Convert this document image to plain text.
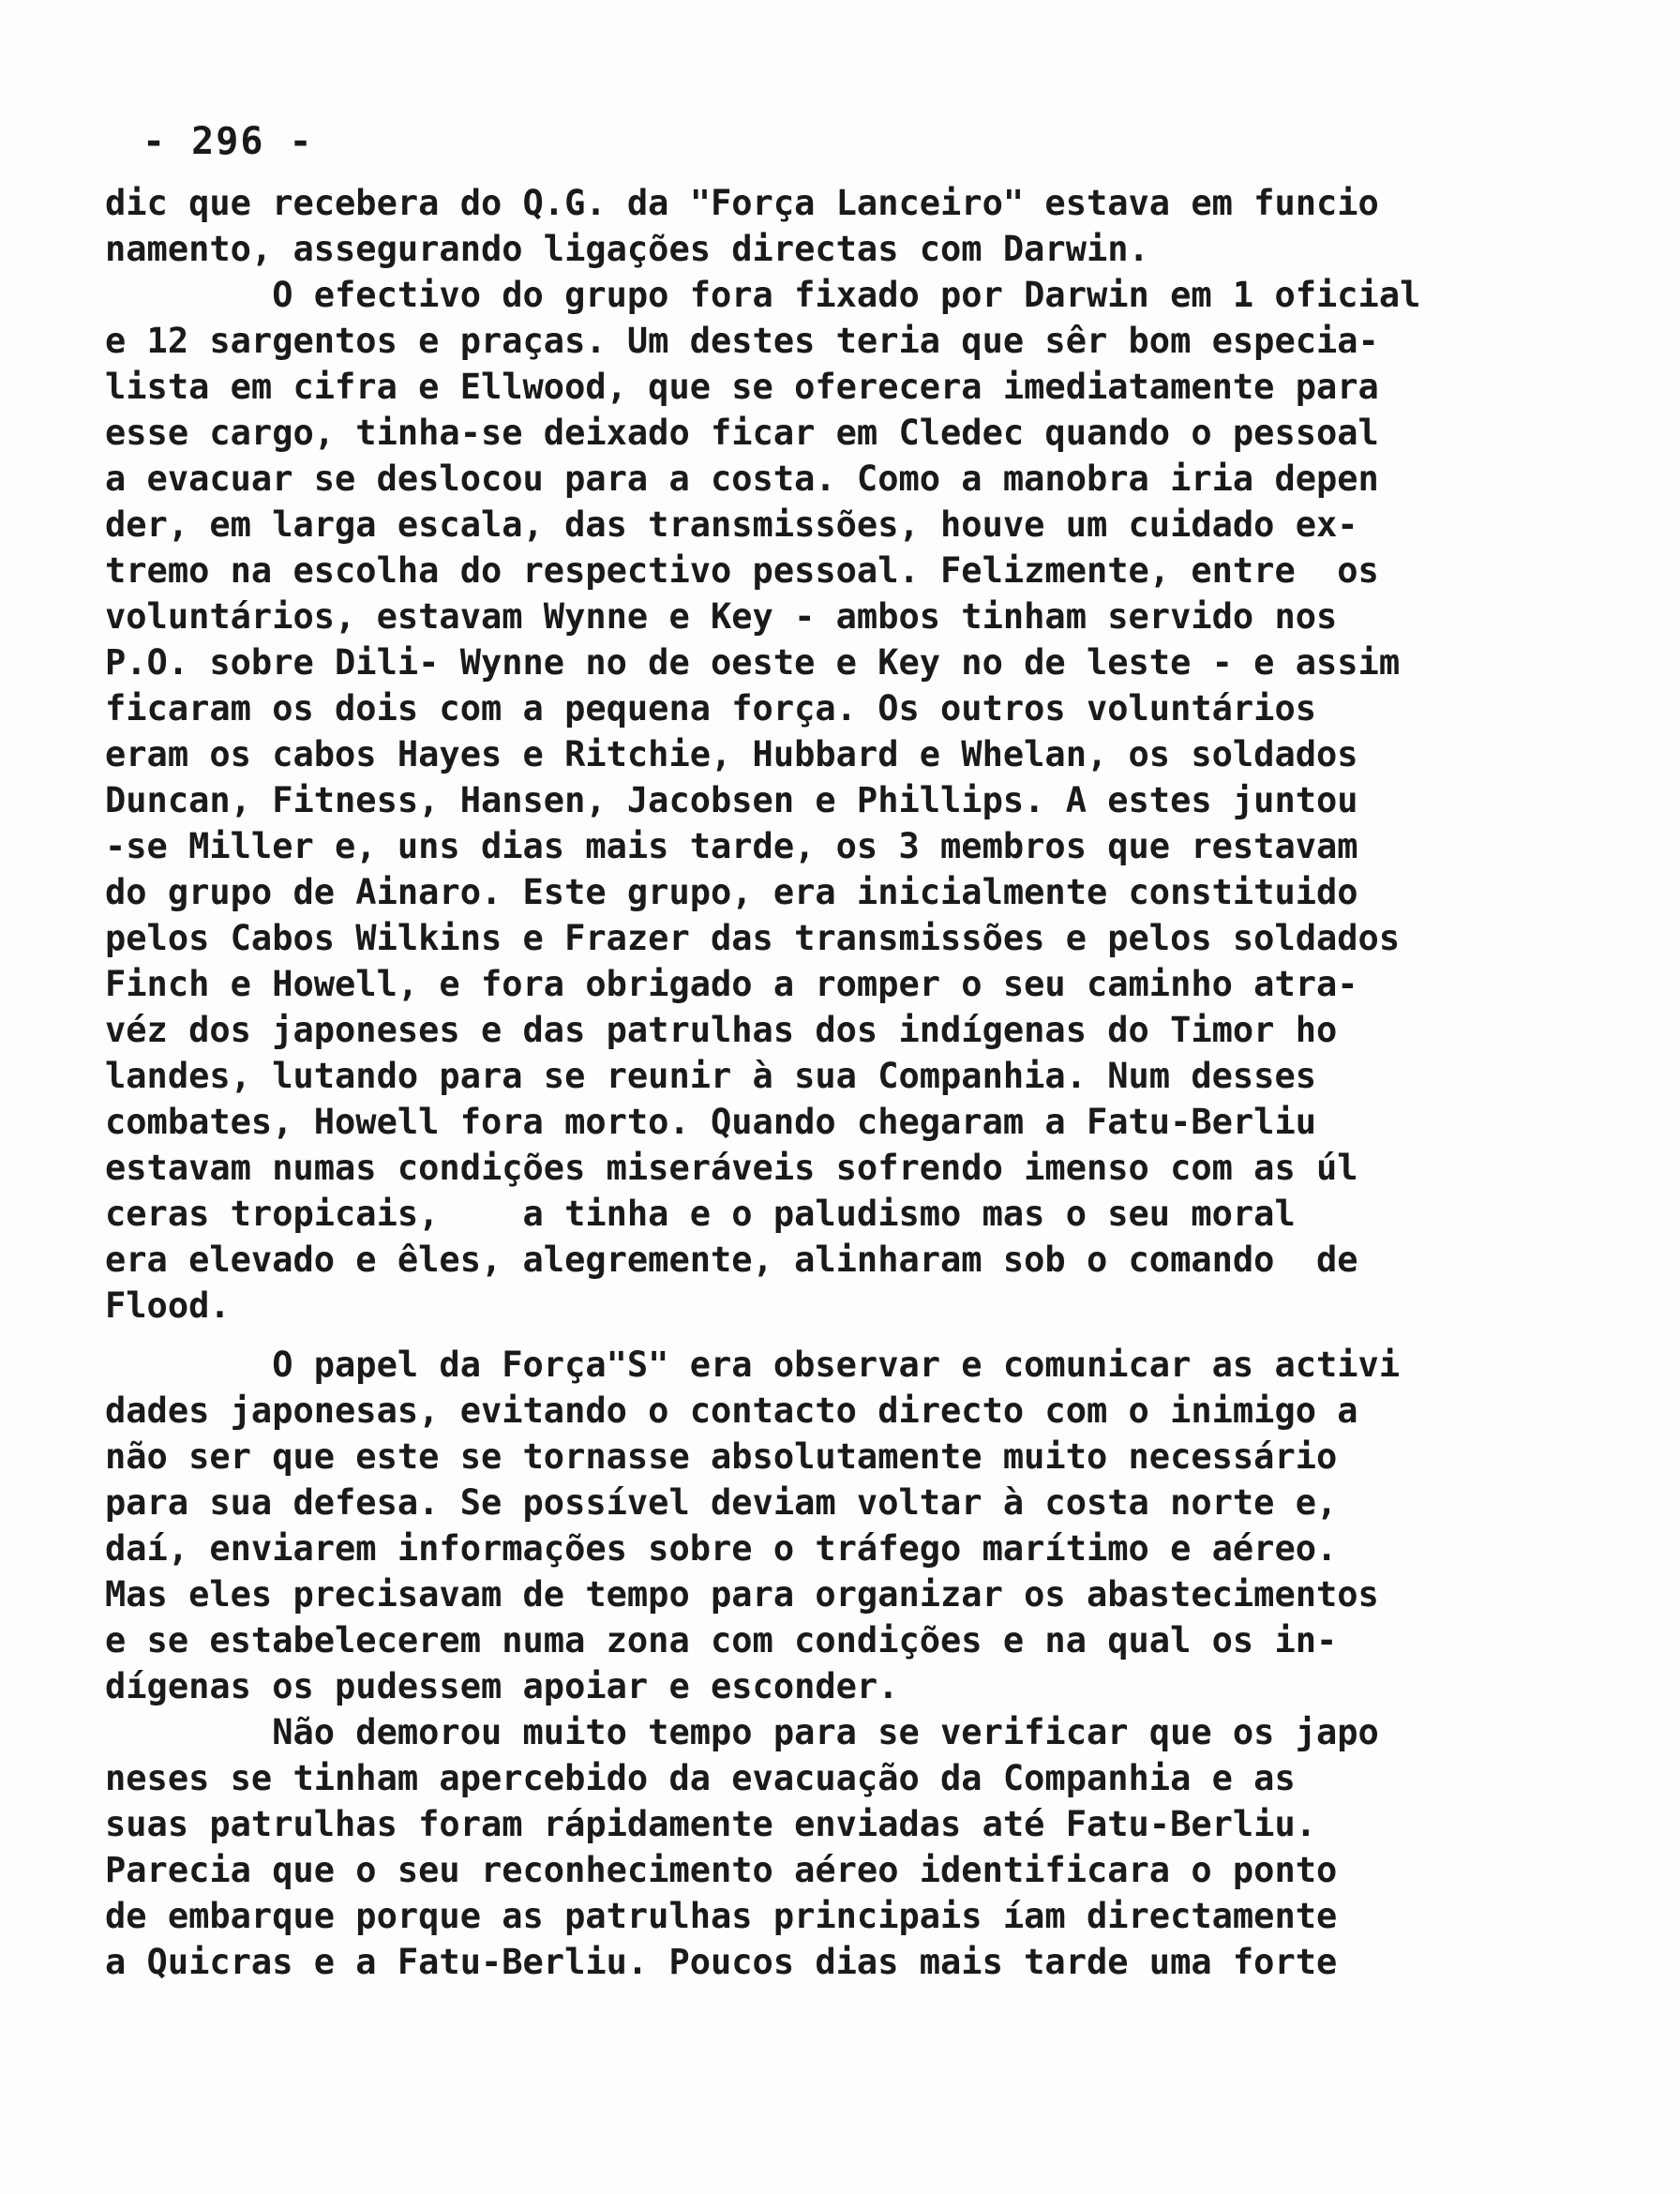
- 296 -
dic que recebera do Q.G. da "Força Lanceiro" estava em funcio
namento, assegurando ligações directas com Darwin.
O efectivo do grupo fora fixado por Darwin em 1 oficial
e 12 sargentos e praças. Um destes teria que sêr bom especia-
lista em cifra e Ellwood, que se oferecera imediatamente para
esse cargo, tinha-se deixado ficar em Cledec quando o pessoal
a evacuar se deslocou para a costa. Como a manobra iria depen
der, em larga escala, das transmissões, houve um cuidado ex-
tremo na escolha do respectivo pessoal. Felizmente, entre  os
voluntários, estavam Wynne e Key - ambos tinham servido nos
P.O. sobre Dili- Wynne no de oeste e Key no de leste - e assim
ficaram os dois com a pequena força. Os outros voluntários
eram os cabos Hayes e Ritchie, Hubbard e Whelan, os soldados
Duncan, Fitness, Hansen, Jacobsen e Phillips. A estes juntou
-se Miller e, uns dias mais tarde, os 3 membros que restavam
do grupo de Ainaro. Este grupo, era inicialmente constituido
pelos Cabos Wilkins e Frazer das transmissões e pelos soldados
Finch e Howell, e fora obrigado a romper o seu caminho atra-
véz dos japoneses e das patrulhas dos indígenas do Timor ho
landes, lutando para se reunir à sua Companhia. Num desses
combates, Howell fora morto. Quando chegaram a Fatu-Berliu
estavam numas condições miseráveis sofrendo imenso com as úl
ceras tropicais,    a tinha e o paludismo mas o seu moral
era elevado e êles, alegremente, alinharam sob o comando  de
Flood.
O papel da Força"S" era observar e comunicar as activi
dades japonesas, evitando o contacto directo com o inimigo a
não ser que este se tornasse absolutamente muito necessário
para sua defesa. Se possível deviam voltar à costa norte e,
daí, enviarem informações sobre o tráfego marítimo e aéreo.
Mas eles precisavam de tempo para organizar os abastecimentos
e se estabelecerem numa zona com condições e na qual os in-
dígenas os pudessem apoiar e esconder.
Não demorou muito tempo para se verificar que os japo
neses se tinham apercebido da evacuação da Companhia e as
suas patrulhas foram rápidamente enviadas até Fatu-Berliu.
Parecia que o seu reconhecimento aéreo identificara o ponto
de embarque porque as patrulhas principais íam directamente
a Quicras e a Fatu-Berliu. Poucos dias mais tarde uma forte
